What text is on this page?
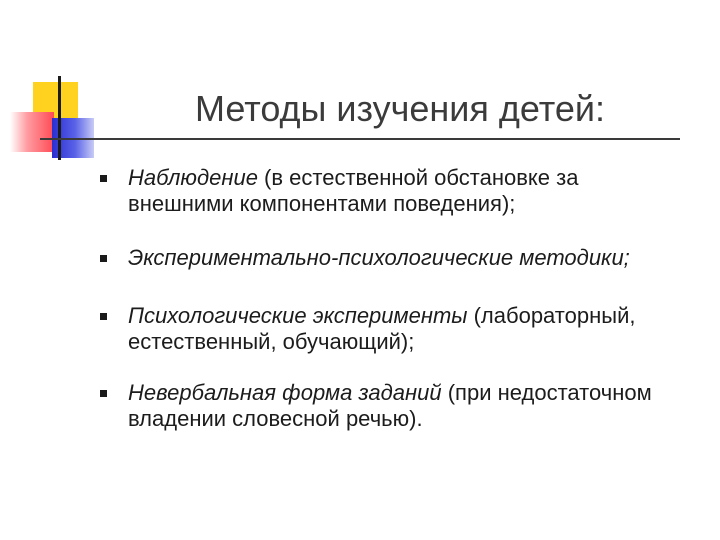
Методы изучения детей:
Наблюдение (в естественной обстановке за
внешними компонентами поведения);
Экспериментально-психологические методики;
Психологические эксперименты (лабораторный,
естественный, обучающий);
Невербальная форма заданий (при недостаточном
владении словесной речью).
